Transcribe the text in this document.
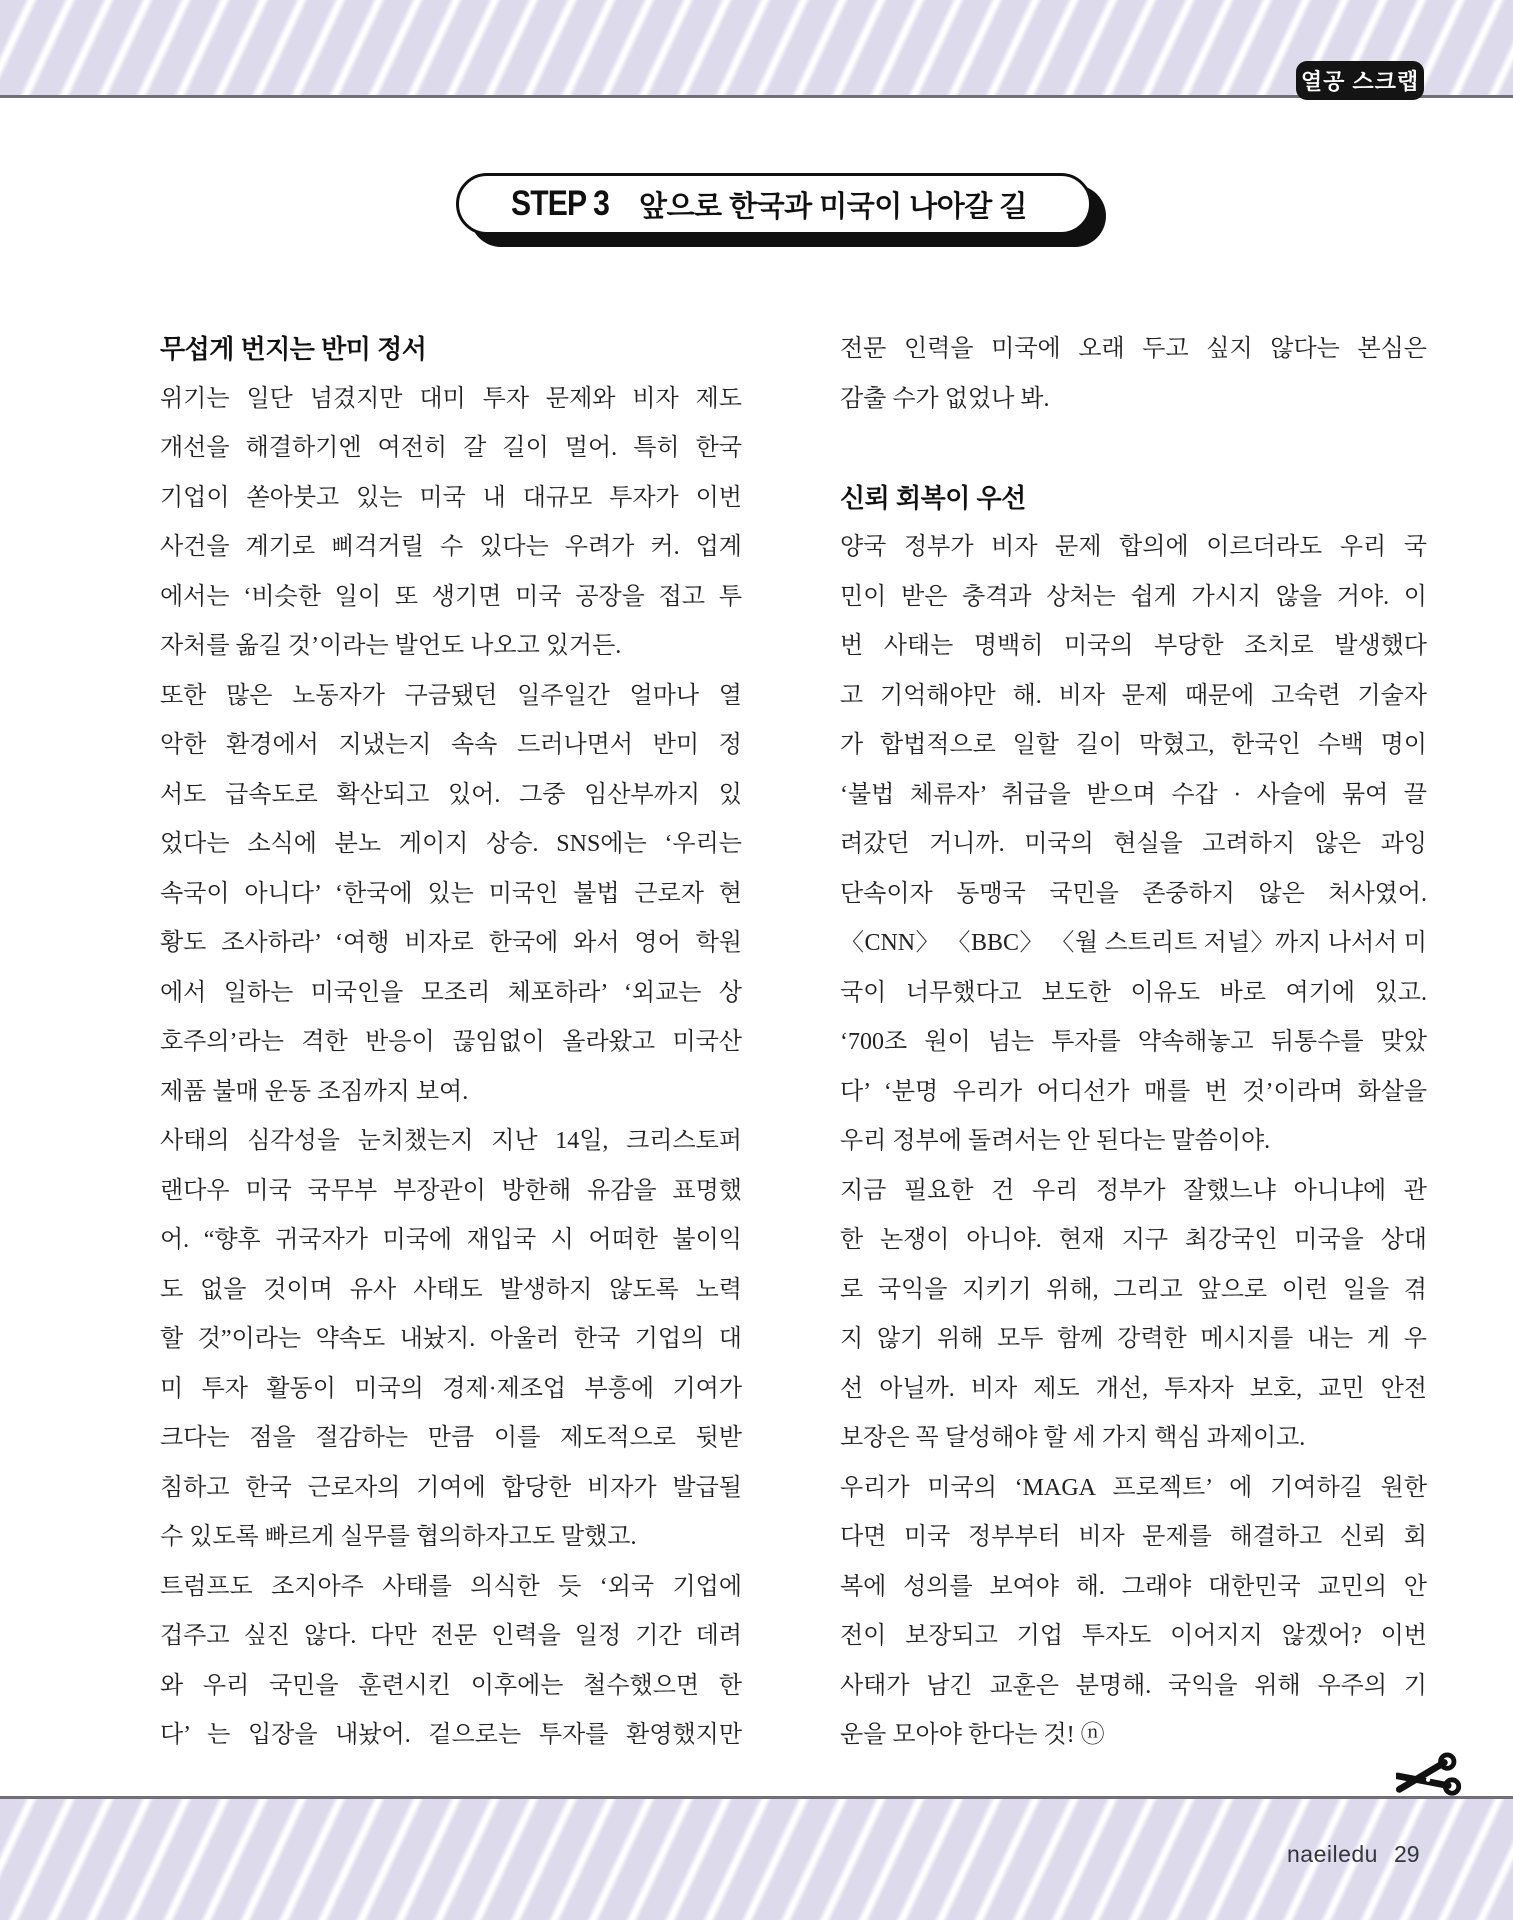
열공 스크랩
STEP 3 앞으로 한국과 미국이 나아갈 길
무섭게 번지는 반미 정서
위기는 일단 넘겼지만 대미 투자 문제와 비자 제도
개선을 해결하기엔 여전히 갈 길이 멀어. 특히 한국
기업이 쏟아붓고 있는 미국 내 대규모 투자가 이번
사건을 계기로 삐걱거릴 수 있다는 우려가 커. 업계
에서는 ‘비슷한 일이 또 생기면 미국 공장을 접고 투
자처를 옮길 것’이라는 발언도 나오고 있거든.
또한 많은 노동자가 구금됐던 일주일간 얼마나 열
악한 환경에서 지냈는지 속속 드러나면서 반미 정
서도 급속도로 확산되고 있어. 그중 임산부까지 있
었다는 소식에 분노 게이지 상승. SNS에는 ‘우리는
속국이 아니다’ ‘한국에 있는 미국인 불법 근로자 현
황도 조사하라’ ‘여행 비자로 한국에 와서 영어 학원
에서 일하는 미국인을 모조리 체포하라’ ‘외교는 상
호주의’라는 격한 반응이 끊임없이 올라왔고 미국산
제품 불매 운동 조짐까지 보여.
사태의 심각성을 눈치챘는지 지난 14일, 크리스토퍼
랜다우 미국 국무부 부장관이 방한해 유감을 표명했
어. “향후 귀국자가 미국에 재입국 시 어떠한 불이익
도 없을 것이며 유사 사태도 발생하지 않도록 노력
할 것”이라는 약속도 내놨지. 아울러 한국 기업의 대
미 투자 활동이 미국의 경제·제조업 부흥에 기여가
크다는 점을 절감하는 만큼 이를 제도적으로 뒷받
침하고 한국 근로자의 기여에 합당한 비자가 발급될
수 있도록 빠르게 실무를 협의하자고도 말했고.
트럼프도 조지아주 사태를 의식한 듯 ‘외국 기업에
겁주고 싶진 않다. 다만 전문 인력을 일정 기간 데려
와 우리 국민을 훈련시킨 이후에는 철수했으면 한
다’ 는 입장을 내놨어. 겉으로는 투자를 환영했지만
전문 인력을 미국에 오래 두고 싶지 않다는 본심은
감출 수가 없었나 봐.
신뢰 회복이 우선
양국 정부가 비자 문제 합의에 이르더라도 우리 국
민이 받은 충격과 상처는 쉽게 가시지 않을 거야. 이
번 사태는 명백히 미국의 부당한 조치로 발생했다
고 기억해야만 해. 비자 문제 때문에 고숙련 기술자
가 합법적으로 일할 길이 막혔고, 한국인 수백 명이
‘불법 체류자’ 취급을 받으며 수갑 · 사슬에 묶여 끌
려갔던 거니까. 미국의 현실을 고려하지 않은 과잉
단속이자 동맹국 국민을 존중하지 않은 처사였어.
〈CNN〉 〈BBC〉 〈월 스트리트 저널〉까지 나서서 미
국이 너무했다고 보도한 이유도 바로 여기에 있고.
‘700조 원이 넘는 투자를 약속해놓고 뒤통수를 맞았
다’ ‘분명 우리가 어디선가 매를 번 것’이라며 화살을
우리 정부에 돌려서는 안 된다는 말씀이야.
지금 필요한 건 우리 정부가 잘했느냐 아니냐에 관
한 논쟁이 아니야. 현재 지구 최강국인 미국을 상대
로 국익을 지키기 위해, 그리고 앞으로 이런 일을 겪
지 않기 위해 모두 함께 강력한 메시지를 내는 게 우
선 아닐까. 비자 제도 개선, 투자자 보호, 교민 안전
보장은 꼭 달성해야 할 세 가지 핵심 과제이고.
우리가 미국의 ‘MAGA 프로젝트’ 에 기여하길 원한
다면 미국 정부부터 비자 문제를 해결하고 신뢰 회
복에 성의를 보여야 해. 그래야 대한민국 교민의 안
전이 보장되고 기업 투자도 이어지지 않겠어? 이번
사태가 남긴 교훈은 분명해. 국익을 위해 우주의 기
운을 모아야 한다는 것! ⓝ
naeiledu 29
